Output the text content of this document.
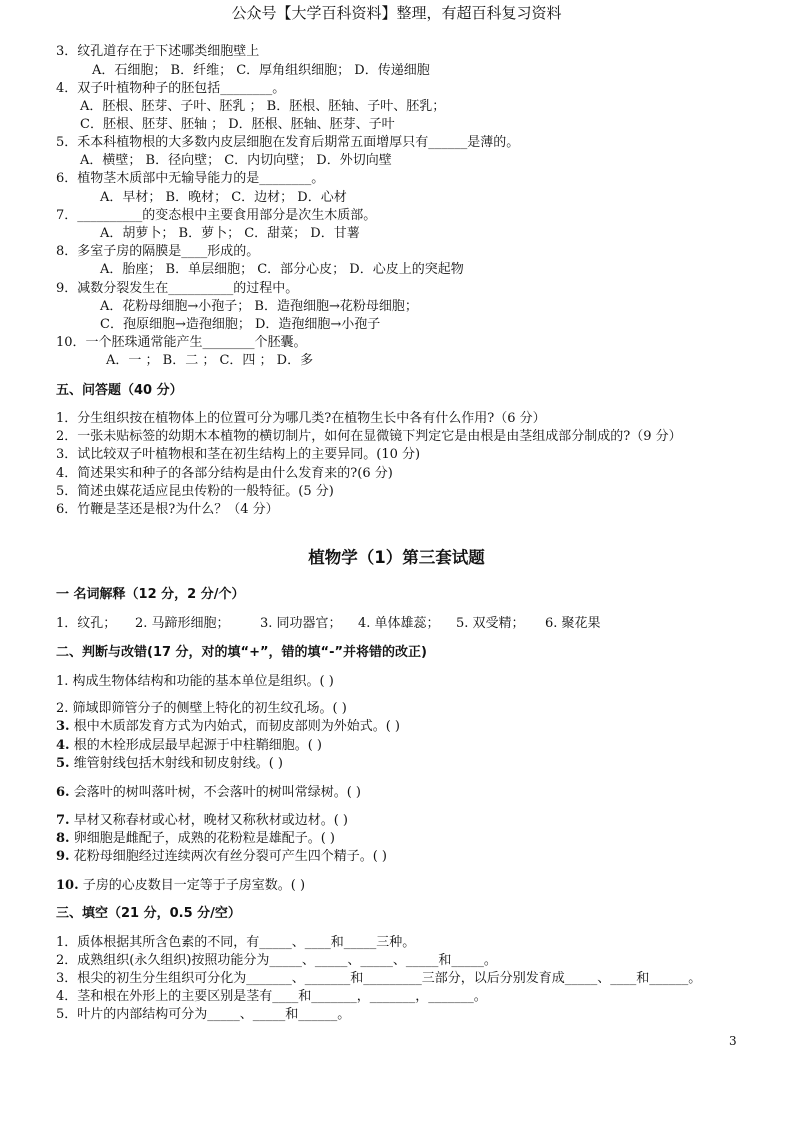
公众号【大学百科资料】整理，有超百科复习资料
3．纹孔道存在于下述哪类细胞壁上
A．石细胞； B．纤维； C．厚角组织细胞； D．传递细胞
4．双子叶植物种子的胚包括________。
A．胚根、胚芽、子叶、胚乳 ； B．胚根、胚轴、子叶、胚乳；
C．胚根、胚芽、胚轴 ； D．胚根、胚轴、胚芽、子叶
5．禾本科植物根的大多数内皮层细胞在发育后期常五面增厚只有______是薄的。
A．横壁； B．径向壁； C．内切向壁； D．外切向壁
6．植物茎木质部中无输导能力的是________。
A．早材； B．晚材； C．边材； D．心材
7．__________的变态根中主要食用部分是次生木质部。
A．胡萝卜； B．萝卜； C．甜菜； D．甘薯
8．多室子房的隔膜是____形成的。
A．胎座； B．单层细胞； C．部分心皮； D．心皮上的突起物
9．减数分裂发生在__________的过程中。
A．花粉母细胞→小孢子； B．造孢细胞→花粉母细胞；
C．孢原细胞→造孢细胞； D．造孢细胞→小孢子
10．一个胚珠通常能产生________个胚囊。
A．一 ； B．二 ； C．四 ； D．多
五、问答题（40 分）
1．分生组织按在植物体上的位置可分为哪几类?在植物生长中各有什么作用?（6 分）
2．一张未贴标签的幼期木本植物的横切制片，如何在显微镜下判定它是由根是由茎组成部分制成的?（9 分）
3．试比较双子叶植物根和茎在初生结构上的主要异同。(10 分)
4．简述果实和种子的各部分结构是由什么发育来的?(6 分)
5．简述虫媒花适应昆虫传粉的一般特征。(5 分)
6．竹鞭是茎还是根?为什么？（4 分）
植物学（1）第三套试题
一 名词解释（12 分，2 分/个）
1．纹孔； 2. 马蹄形细胞； 3. 同功器官； 4. 单体雄蕊； 5. 双受精； 6. 聚花果
二、判断与改错(17 分，对的填“+”，错的填“-”并将错的改正)
1. 构成生物体结构和功能的基本单位是组织。( )
2. 筛域即筛管分子的侧壁上特化的初生纹孔场。( )
3. 根中木质部发育方式为内始式，而韧皮部则为外始式。( )
4. 根的木栓形成层最早起源于中柱鞘细胞。( )
5. 维管射线包括木射线和韧皮射线。( )
6. 会落叶的树叫落叶树，不会落叶的树叫常绿树。( )
7. 早材又称春材或心材，晚材又称秋材或边材。( )
8. 卵细胞是雌配子，成熟的花粉粒是雄配子。( )
9. 花粉母细胞经过连续两次有丝分裂可产生四个精子。( )
10. 子房的心皮数目一定等于子房室数。( )
三、填空（21 分，0.5 分/空）
1．质体根据其所含色素的不同，有_____、____和_____三种。
2．成熟组织(永久组织)按照功能分为_____、_____、_____、_____和_____。
3．根尖的初生分生组织可分化为_______、_______和_________三部分，以后分别发育成_____、____和______。
4．茎和根在外形上的主要区别是茎有____和_______，_______，_______。
5．叶片的内部结构可分为_____、_____和______。
3
